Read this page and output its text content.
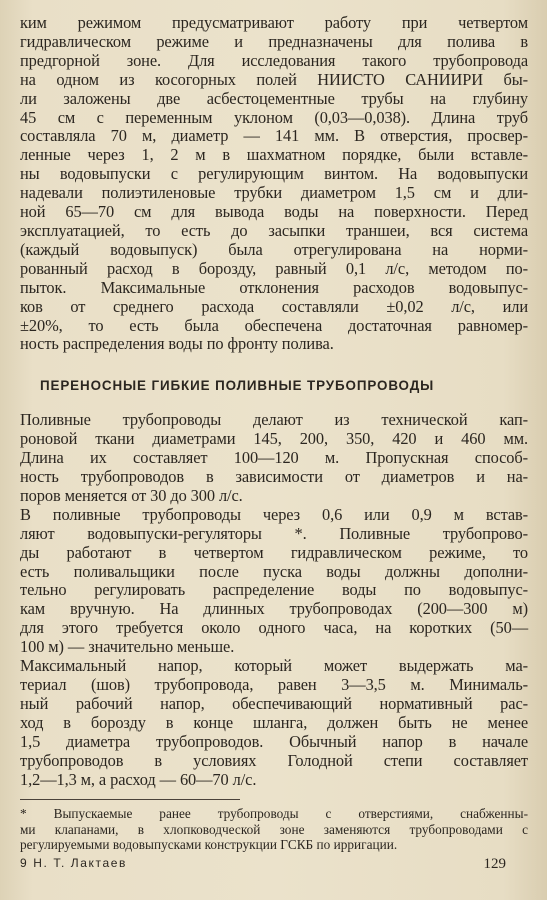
ким режимом предусматривают работу при четвертом
гидравлическом режиме и предназначены для полива в
предгорной зоне. Для исследования такого трубопровода
на одном из косогорных полей НИИСТО САНИИРИ бы-
ли заложены две асбестоцементные трубы на глубину
45 см с переменным уклоном (0,03—0,038). Длина труб
составляла 70 м, диаметр — 141 мм. В отверстия, просвер-
ленные через 1, 2 м в шахматном порядке, были вставле-
ны водовыпуски с регулирующим винтом. На водовыпуски
надевали полиэтиленовые трубки диаметром 1,5 см и дли-
ной 65—70 см для вывода воды на поверхности. Перед
эксплуатацией, то есть до засыпки траншеи, вся система
(каждый водовыпуск) была отрегулирована на норми-
рованный расход в борозду, равный 0,1 л/с, методом по-
пыток. Максимальные отклонения расходов водовыпус-
ков от среднего расхода составляли ±0,02 л/с, или
±20%, то есть была обеспечена достаточная равномер-
ность распределения воды по фронту полива.
ПЕРЕНОСНЫЕ ГИБКИЕ ПОЛИВНЫЕ ТРУБОПРОВОДЫ
Поливные трубопроводы делают из технической кап-
роновой ткани диаметрами 145, 200, 350, 420 и 460 мм.
Длина их составляет 100—120 м. Пропускная способ-
ность трубопроводов в зависимости от диаметров и на-
поров меняется от 30 до 300 л/с.
В поливные трубопроводы через 0,6 или 0,9 м встав-
ляют водовыпуски-регуляторы *. Поливные трубопрово-
ды работают в четвертом гидравлическом режиме, то
есть поливальщики после пуска воды должны дополни-
тельно регулировать распределение воды по водовыпус-
кам вручную. На длинных трубопроводах (200—300 м)
для этого требуется около одного часа, на коротких (50—
100 м) — значительно меньше.
Максимальный напор, который может выдержать ма-
териал (шов) трубопровода, равен 3—3,5 м. Минималь-
ный рабочий напор, обеспечивающий нормативный рас-
ход в борозду в конце шланга, должен быть не менее
1,5 диаметра трубопроводов. Обычный напор в начале
трубопроводов в условиях Голодной степи составляет
1,2—1,3 м, а расход — 60—70 л/с.
* Выпускаемые ранее трубопроводы с отверстиями, снабженны-
ми клапанами, в хлопководческой зоне заменяются трубопроводами с
регулируемыми водовыпусками конструкции ГСКБ по ирригации.
9 Н. Т. Лактаев	129
